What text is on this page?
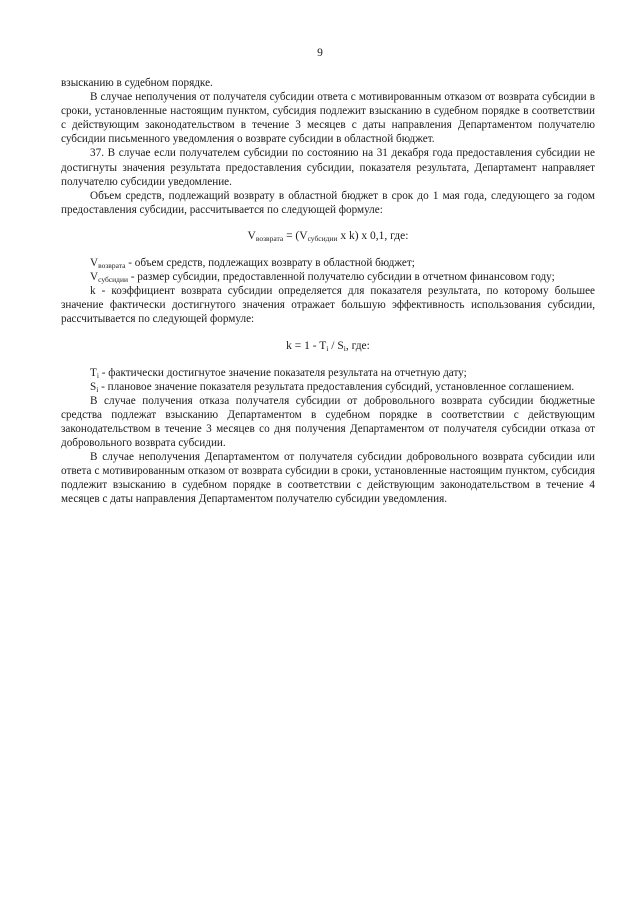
9

взысканию в судебном порядке.

В случае неполучения от получателя субсидии ответа с мотивированным отказом от возврата субсидии в сроки, установленные настоящим пунктом, субсидия подлежит взысканию в судебном порядке в соответствии с действующим законодательством в течение 3 месяцев с даты направления Департаментом получателю субсидии письменного уведомления о возврате субсидии в областной бюджет.

37. В случае если получателем субсидии по состоянию на 31 декабря года предоставления субсидии не достигнуты значения результата предоставления субсидии, показателя результата, Департамент направляет получателю субсидии уведомление.

Объем средств, подлежащий возврату в областной бюджет в срок до 1 мая года, следующего за годом предоставления субсидии, рассчитывается по следующей формуле:

$V_{возврата} = (V_{субсидии}$ x k) x 0,1, где:

$V_{возврата}$ - объем средств, подлежащих возврату в областной бюджет;

$V_{субсидии}$ - размер субсидии, предоставленной получателю субсидии в отчетном финансовом году;

k - коэффициент возврата субсидии определяется для показателя результата, по которому большее значение фактически достигнутого значения отражает большую эффективность использования субсидии, рассчитывается по следующей формуле:

$k = 1 - T_i / S_i$, где:

$T_i$ - фактически достигнутое значение показателя результата на отчетную дату;

$S_i$ - плановое значение показателя результата предоставления субсидий, установленное соглашением.

В случае получения отказа получателя субсидии от добровольного возврата субсидии бюджетные средства подлежат взысканию Департаментом в судебном порядке в соответствии с действующим законодательством в течение 3 месяцев со дня получения Департаментом от получателя субсидии отказа от добровольного возврата субсидии.

В случае неполучения Департаментом от получателя субсидии добровольного возврата субсидии или ответа с мотивированным отказом от возврата субсидии в сроки, установленные настоящим пунктом, субсидия подлежит взысканию в судебном порядке в соответствии с действующим законодательством в течение 4 месяцев с даты направления Департаментом получателю субсидии уведомления.
